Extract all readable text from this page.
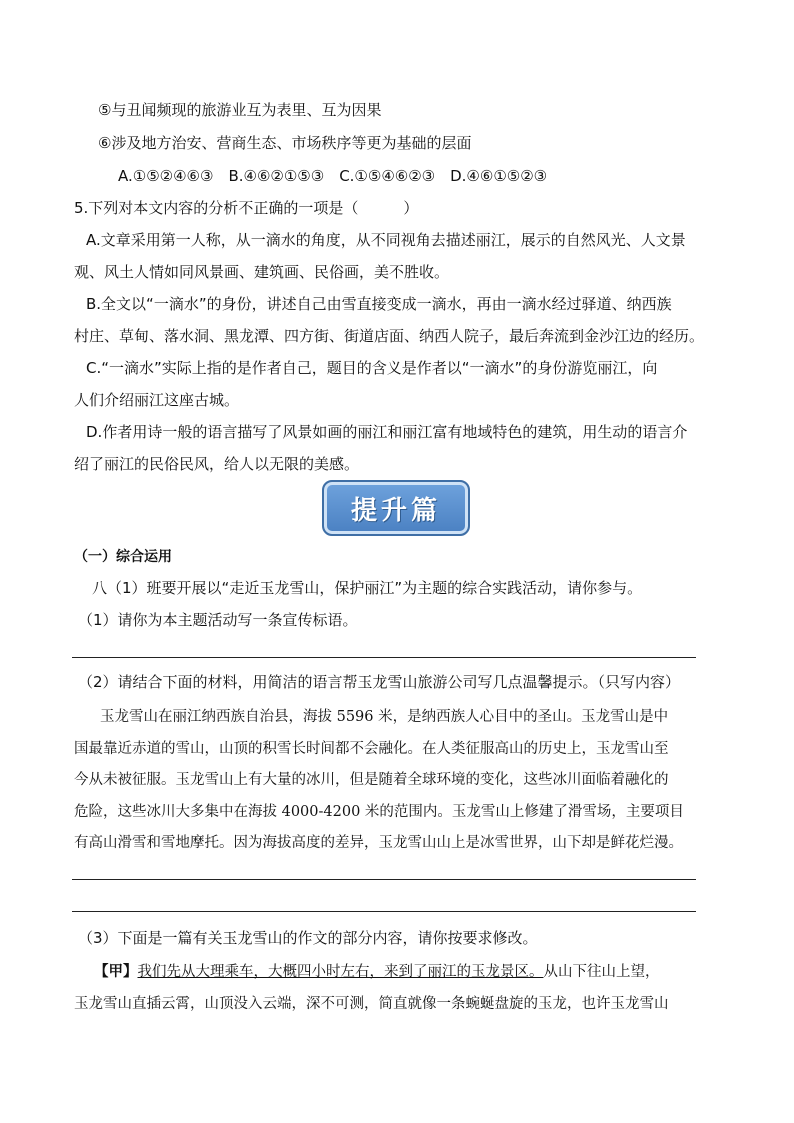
⑤与丑闻频现的旅游业互为表里、互为因果
⑥涉及地方治安、营商生态、市场秩序等更为基础的层面
A.①⑤②④⑥③　B.④⑥②①⑤③　C.①⑤④⑥②③　D.④⑥①⑤②③
5.下列对本文内容的分析不正确的一项是（　　　）
A.文章采用第一人称，从一滴水的角度，从不同视角去描述丽江，展示的自然风光、人文景
观、风土人情如同风景画、建筑画、民俗画，美不胜收。
B.全文以“一滴水”的身份，讲述自己由雪直接变成一滴水，再由一滴水经过驿道、纳西族
村庄、草甸、落水洞、黑龙潭、四方街、街道店面、纳西人院子，最后奔流到金沙江边的经历。
C.“一滴水”实际上指的是作者自己，题目的含义是作者以“一滴水”的身份游览丽江，向
人们介绍丽江这座古城。
D.作者用诗一般的语言描写了风景如画的丽江和丽江富有地域特色的建筑，用生动的语言介
绍了丽江的民俗民风，给人以无限的美感。
提升篇
（一）综合运用
八（1）班要开展以“走近玉龙雪山，保护丽江”为主题的综合实践活动，请你参与。
（1）请你为本主题活动写一条宣传标语。
（2）请结合下面的材料，用简洁的语言帮玉龙雪山旅游公司写几点温馨提示。（只写内容）
玉龙雪山在丽江纳西族自治县，海拔 5596 米，是纳西族人心目中的圣山。玉龙雪山是中
国最靠近赤道的雪山，山顶的积雪长时间都不会融化。在人类征服高山的历史上，玉龙雪山至
今从未被征服。玉龙雪山上有大量的冰川，但是随着全球环境的变化，这些冰川面临着融化的
危险，这些冰川大多集中在海拔 4000-4200 米的范围内。玉龙雪山上修建了滑雪场，主要项目
有高山滑雪和雪地摩托。因为海拔高度的差异，玉龙雪山山上是冰雪世界，山下却是鲜花烂漫。
（3）下面是一篇有关玉龙雪山的作文的部分内容，请你按要求修改。
【甲】我们先从大理乘车，大概四小时左右，来到了丽江的玉龙景区。从山下往山上望，
玉龙雪山直插云霄，山顶没入云端，深不可测，简直就像一条蜿蜒盘旋的玉龙，也许玉龙雪山
